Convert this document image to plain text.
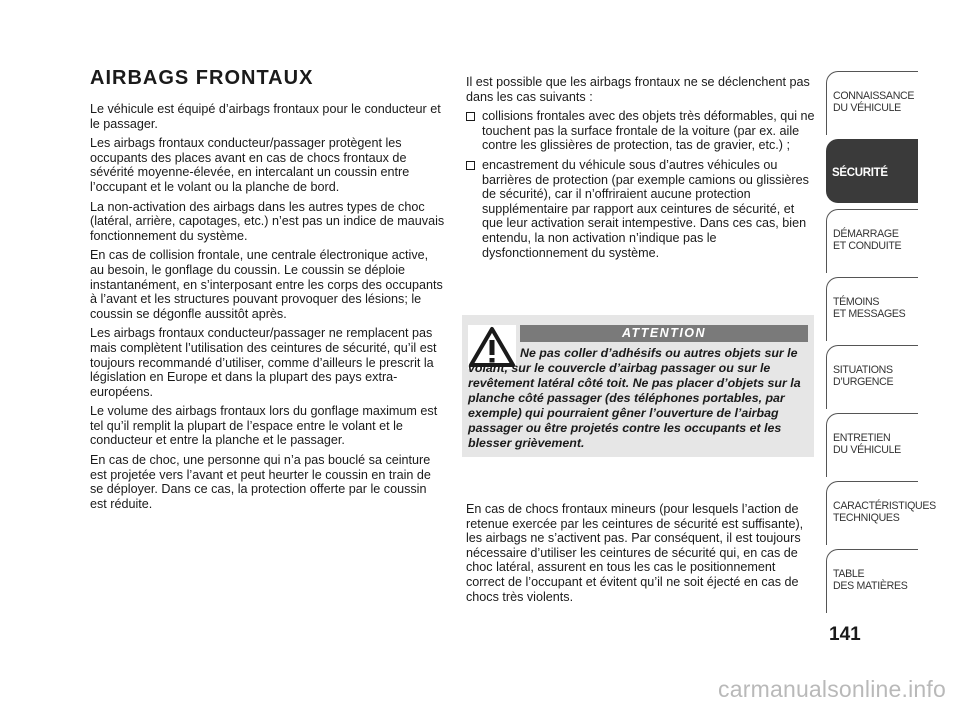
AIRBAGS FRONTAUX

Le véhicule est équipé d’airbags frontaux pour le conducteur et le passager.

Les airbags frontaux conducteur/passager protègent les occupants des places avant en cas de chocs frontaux de sévérité moyenne-élevée, en intercalant un coussin entre l’occupant et le volant ou la planche de bord.

La non-activation des airbags dans les autres types de choc (latéral, arrière, capotages, etc.) n’est pas un indice de mauvais fonctionnement du système.

En cas de collision frontale, une centrale électronique active, au besoin, le gonflage du coussin. Le coussin se déploie instantanément, en s’interposant entre les corps des occupants à l’avant et les structures pouvant provoquer des lésions; le coussin se dégonfle aussitôt après.

Les airbags frontaux conducteur/passager ne remplacent pas mais complètent l’utilisation des ceintures de sécurité, qu’il est toujours recommandé d’utiliser, comme d’ailleurs le prescrit la législation en Europe et dans la plupart des pays extra-européens.

Le volume des airbags frontaux lors du gonflage maximum est tel qu’il remplit la plupart de l’espace entre le volant et le conducteur et entre la planche et le passager.

En cas de choc, une personne qui n’a pas bouclé sa ceinture est projetée vers l’avant et peut heurter le coussin en train de se déployer. Dans ce cas, la protection offerte par le coussin est réduite.

Il est possible que les airbags frontaux ne se déclenchent pas dans les cas suivants :

collisions frontales avec des objets très déformables, qui ne touchent pas la surface frontale de la voiture (par ex. aile contre les glissières de protection, tas de gravier, etc.) ;
encastrement du véhicule sous d’autres véhicules ou barrières de protection (par exemple camions ou glissières de sécurité), car il n’offriraient aucune protection supplémentaire par rapport aux ceintures de sécurité, et que leur activation serait intempestive. Dans ces cas, bien entendu, la non activation n’indique pas le dysfonctionnement du système.
ATTENTION
Ne pas coller d’adhésifs ou autres objets sur le volant, sur le couvercle d’airbag passager ou sur le revêtement latéral côté toit. Ne pas placer d’objets sur la planche côté passager (des téléphones portables, par exemple) qui pourraient gêner l’ouverture de l’airbag passager ou être projetés contre les occupants et les blesser grièvement.
En cas de chocs frontaux mineurs (pour lesquels l’action de retenue exercée par les ceintures de sécurité est suffisante), les airbags ne s’activent pas. Par conséquent, il est toujours nécessaire d’utiliser les ceintures de sécurité qui, en cas de choc latéral, assurent en tous les cas le positionnement correct de l’occupant et évitent qu’il ne soit éjecté en cas de chocs très violents.
CONNAISSANCE
DU VÉHICULE
SÉCURITÉ
DÉMARRAGE
ET CONDUITE
TÉMOINS
ET MESSAGES
SITUATIONS
D’URGENCE
ENTRETIEN
DU VÉHICULE
CARACTÉRISTIQUES
TECHNIQUES
TABLE
DES MATIÈRES
141
carmanualsonline.info
